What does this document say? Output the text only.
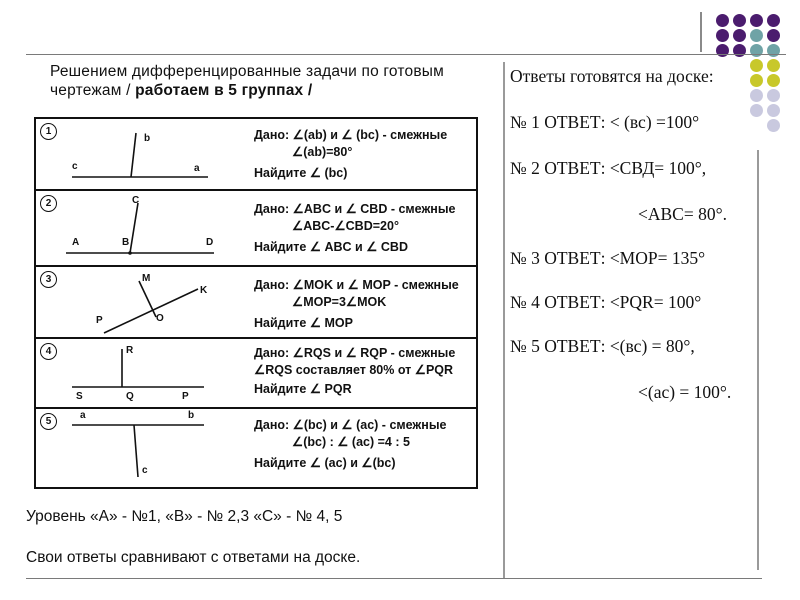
Решением дифференцированные задачи по готовым
чертежам / работаем в 5 группах /
1
b
c	a
Дано: ∠(ab) и ∠ (bc) - смежные
∠(ab)=80°
Найдите ∠ (bc)
2	C
A	B	D
Дано: ∠ABC и ∠ CBD - смежные
∠ABC-∠CBD=20°
Найдите ∠ ABC и ∠ CBD
3	M
K
O
P
Дано: ∠MOK и ∠ MOP - смежные
∠MOP=3∠MOK
Найдите ∠ MOP
4	R
S	Q	P
Дано: ∠RQS и ∠ RQP - смежные
∠RQS составляет 80% от ∠PQR
Найдите ∠ PQR
5
a	b
c
Дано: ∠(bc) и ∠ (ac) - смежные
∠(bc) : ∠ (ac) =4 : 5
Найдите ∠ (ac) и ∠(bc)
Ответы готовятся на доске:
№ 1 ОТВЕТ: < (вс) =100°
№ 2 ОТВЕТ: <СВД= 100°,
<АВС= 80°.
№ 3 ОТВЕТ: <МОР= 135°
№ 4 ОТВЕТ: <PQR= 100°
№ 5 ОТВЕТ: <(вс) = 80°,
<(ас) = 100°.
Уровень «А» - №1, «В» - № 2,3 «С» - № 4, 5
Свои ответы сравнивают с ответами на доске.
